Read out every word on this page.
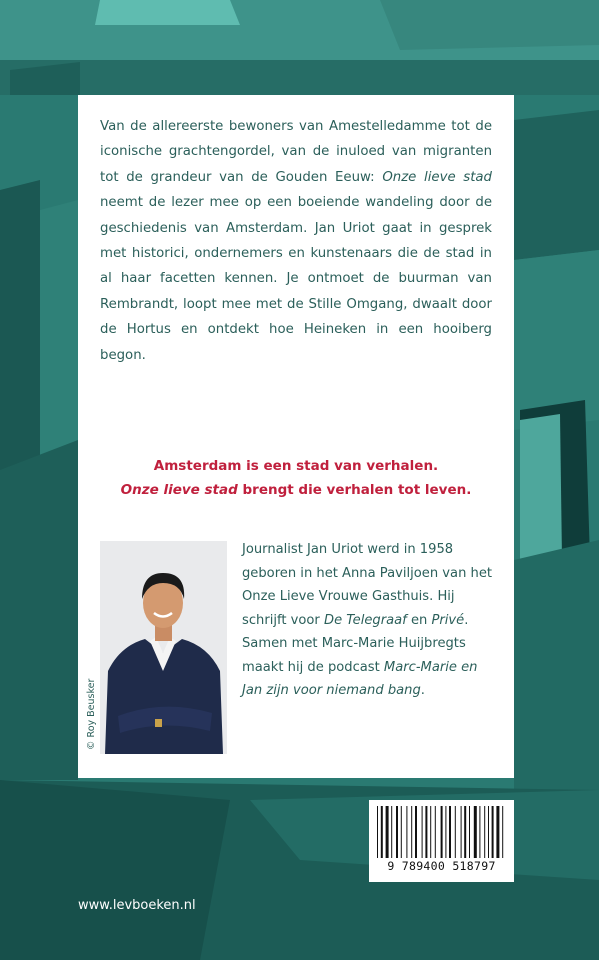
Van de allereerste bewoners van Amestelledamme tot de iconische grachtengordel, van de inuloed van migranten tot de grandeur van de Gouden Eeuw: Onze lieve stad neemt de lezer mee op een boeiende wandeling door de geschiedenis van Amsterdam. Jan Uriot gaat in gesprek met historici, ondernemers en kunstenaars die de stad in al haar facetten kennen. Je ontmoet de buurman van Rembrandt, loopt mee met de Stille Omgang, dwaalt door de Hortus en ontdekt hoe Heineken in een hooiberg begon.

Amsterdam is een stad van verhalen.
Onze lieve stad brengt die verhalen tot leven.

© Roy Beusker

Journalist Jan Uriot werd in 1958 geboren in het Anna Paviljoen van het Onze Lieve Vrouwe Gasthuis. Hij schrijft voor De Telegraaf en Privé. Samen met Marc-Marie Huijbregts maakt hij de podcast Marc-Marie en Jan zijn voor niemand bang.

9 789400 518797
www.levboeken.nl
